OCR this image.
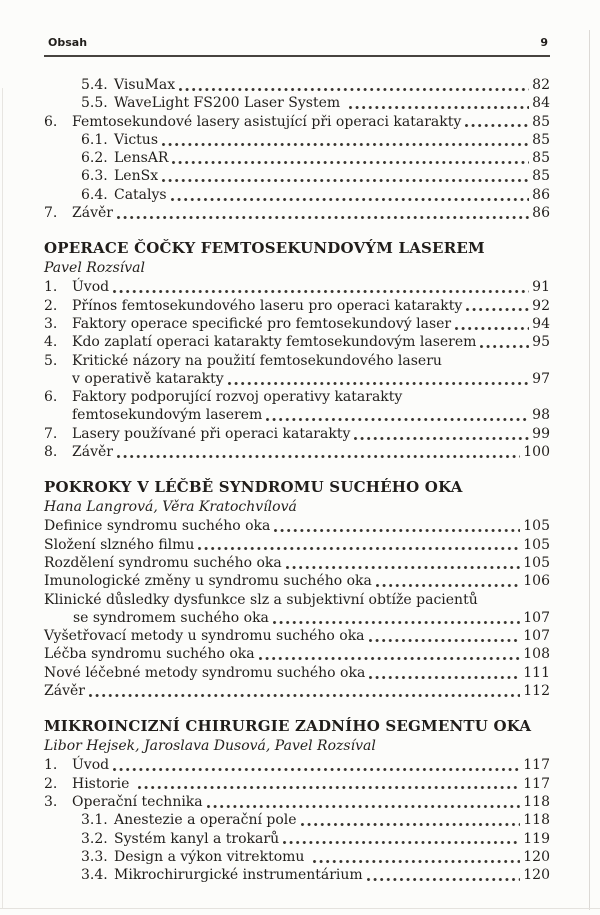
Obsah	9
5.4. VisuMax	82
5.5. WaveLight FS200 Laser System	84
6.	Femtosekundové lasery asistující při operaci katarakty	85
6.1. Victus	85
6.2. LensAR	85
6.3. LenSx	85
6.4. Catalys	86
7.	Závěr	86
OPERACE ČOČKY FEMTOSEKUNDOVÝM LASEREM
Pavel Rozsíval
1.	Úvod	91
2.	Přínos femtosekundového laseru pro operaci katarakty	92
3.	Faktory operace specifické pro femtosekundový laser	94
4.	Kdo zaplatí operaci katarakty femtosekundovým laserem	95
5.	Kritické názory na použití femtosekundového laseru
v operativě katarakty	97
6.	Faktory podporující rozvoj operativy katarakty
femtosekundovým laserem	98
7.	Lasery používané při operaci katarakty	99
8.	Závěr	100
POKROKY V LÉČBĚ SYNDROMU SUCHÉHO OKA
Hana Langrová, Věra Kratochvílová
Definice syndromu suchého oka	105
Složení slzného filmu	105
Rozdělení syndromu suchého oka	105
Imunologické změny u syndromu suchého oka	106
Klinické důsledky dysfunkce slz a subjektivní obtíže pacientů
se syndromem suchého oka	107
Vyšetřovací metody u syndromu suchého oka	107
Léčba syndromu suchého oka	108
Nové léčebné metody syndromu suchého oka	111
Závěr	112
MIKROINCIZNÍ CHIRURGIE ZADNÍHO SEGMENTU OKA
Libor Hejsek, Jaroslava Dusová, Pavel Rozsíval
1.	Úvod	117
2.	Historie	117
3.	Operační technika	118
3.1. Anestezie a operační pole	118
3.2. Systém kanyl a trokarů	119
3.3. Design a výkon vitrektomu	120
3.4. Mikrochirurgické instrumentárium	120
